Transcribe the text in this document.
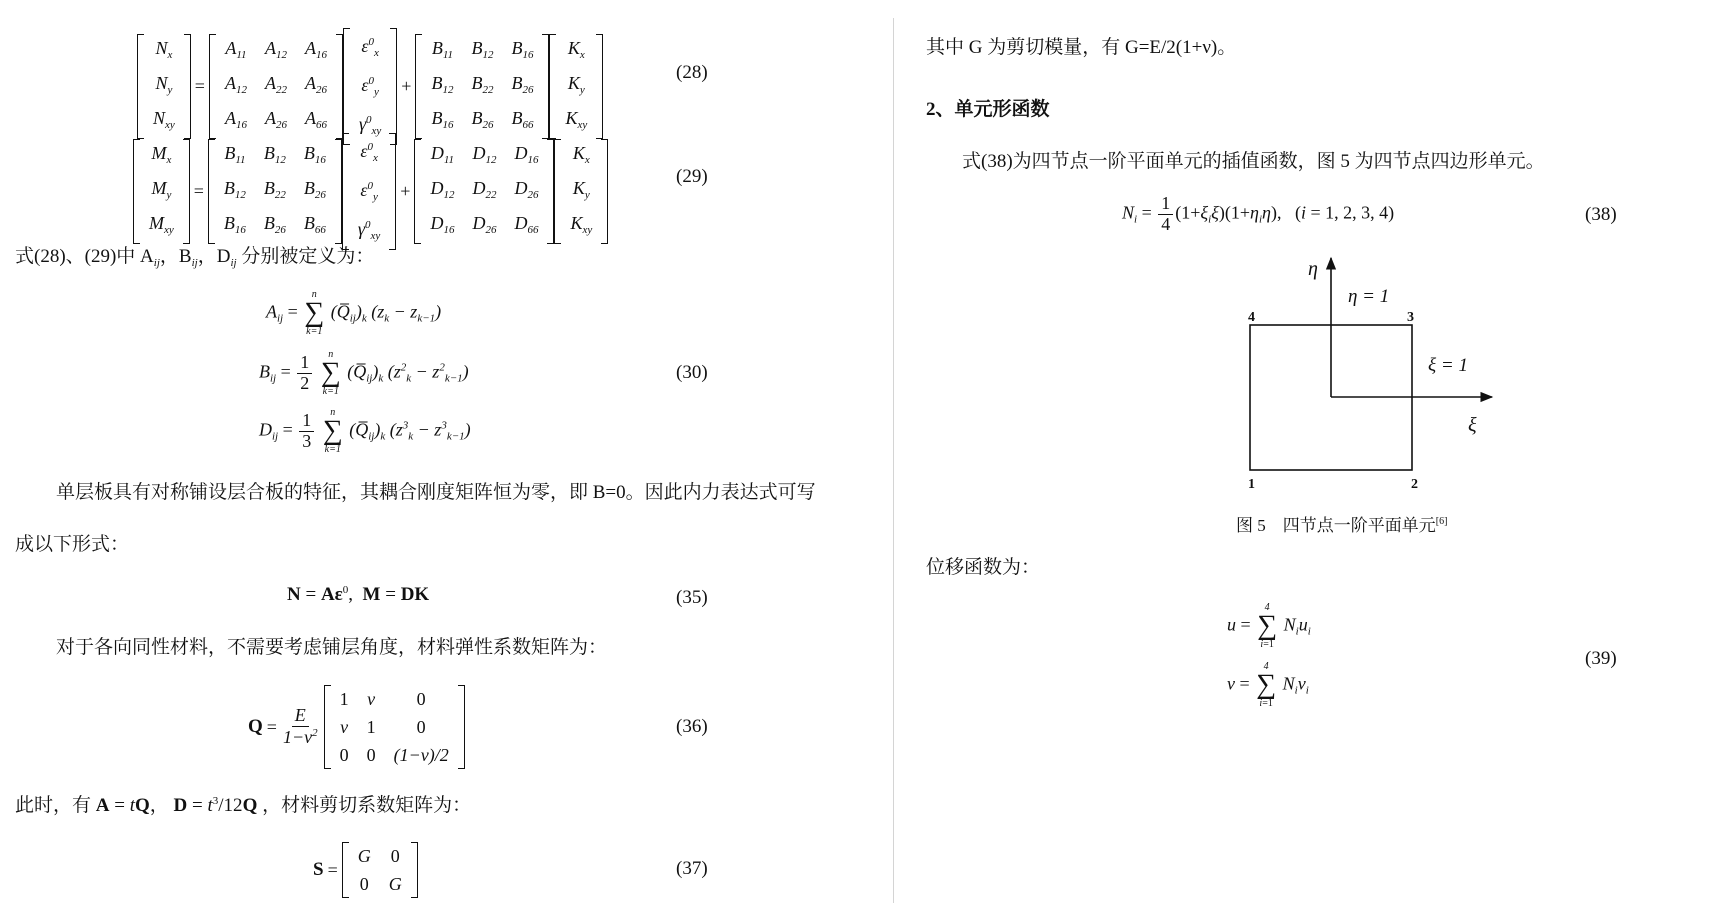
$N_x$
$N_y$
$N_{xy}$
=
$A_{11}$	$A_{12}$	$A_{16}$
$A_{12}$	$A_{22}$	$A_{26}$
$A_{16}$	$A_{26}$	$A_{66}$
$\varepsilon^0_x$
$\varepsilon^0_y$
$\gamma^0_{xy}$
+
$B_{11}$	$B_{12}$	$B_{16}$
$B_{12}$	$B_{22}$	$B_{26}$
$B_{16}$	$B_{26}$	$B_{66}$
$K_x$
$K_y$
$K_{xy}$
(28)
$M_x$
$M_y$
$M_{xy}$
=
$B_{11}$	$B_{12}$	$B_{16}$
$B_{12}$	$B_{22}$	$B_{26}$
$B_{16}$	$B_{26}$	$B_{66}$
$\varepsilon^0_x$
$\varepsilon^0_y$
$\gamma^0_{xy}$
+
$D_{11}$	$D_{12}$	$D_{16}$
$D_{12}$	$D_{22}$	$D_{26}$
$D_{16}$	$D_{26}$	$D_{66}$
$K_x$
$K_y$
$K_{xy}$
(29)
式(28)、(29)中 $A_{ij}$，$B_{ij}$，$D_{ij}$ 分别被定义为：
$A_{ij}$ =
n
∑
k=1
$(Q̅_{ij})_k$ $(z_k - z_{k-1})$
$B_{ij} = \frac{1}{2}$
n
∑
k=1
$(Q̅_{ij})_k$ $(z^2_k - z^2_{k-1})$
$D_{ij} = \frac{1}{3}$
n
∑
k=1
$(Q̅_{ij})_k$ $(z^3_k - z^3_{k-1})$
(30)
单层板具有对称铺设层合板的特征，其耦合刚度矩阵恒为零，即 B=0。因此内力表达式可写
成以下形式：
$N = A\varepsilon^0$,  M = DK	(35)
对于各向同性材料，不需要考虑铺层角度，材料弹性系数矩阵为：
$Q = \frac{E}{1-\nu^2}$
1	ν	0
ν	1	0
0	0	(1−ν)/2
(36)
此时，有 A = tQ， $D = t^3/12Q$ ，材料剪切系数矩阵为：
S =
G	0
0	G
(37)
其中 G 为剪切模量，有 G=E/2(1+ν)。
2、单元形函数
式(38)为四节点一阶平面单元的插值函数，图 5 为四节点四边形单元。
$N_i = \frac{1}{4} (1+\xi_i\xi)(1+\eta_i\eta)$,   (i = 1, 2, 3, 4)	(38)
η
ξ
η = 1
ξ = 1
4	3
1	2
图 5　四节点一阶平面单元[6]
位移函数为：
u =
4
∑
i=1
$N_iu_i$
v =
4
∑
i=1
$N_iv_i$
(39)
